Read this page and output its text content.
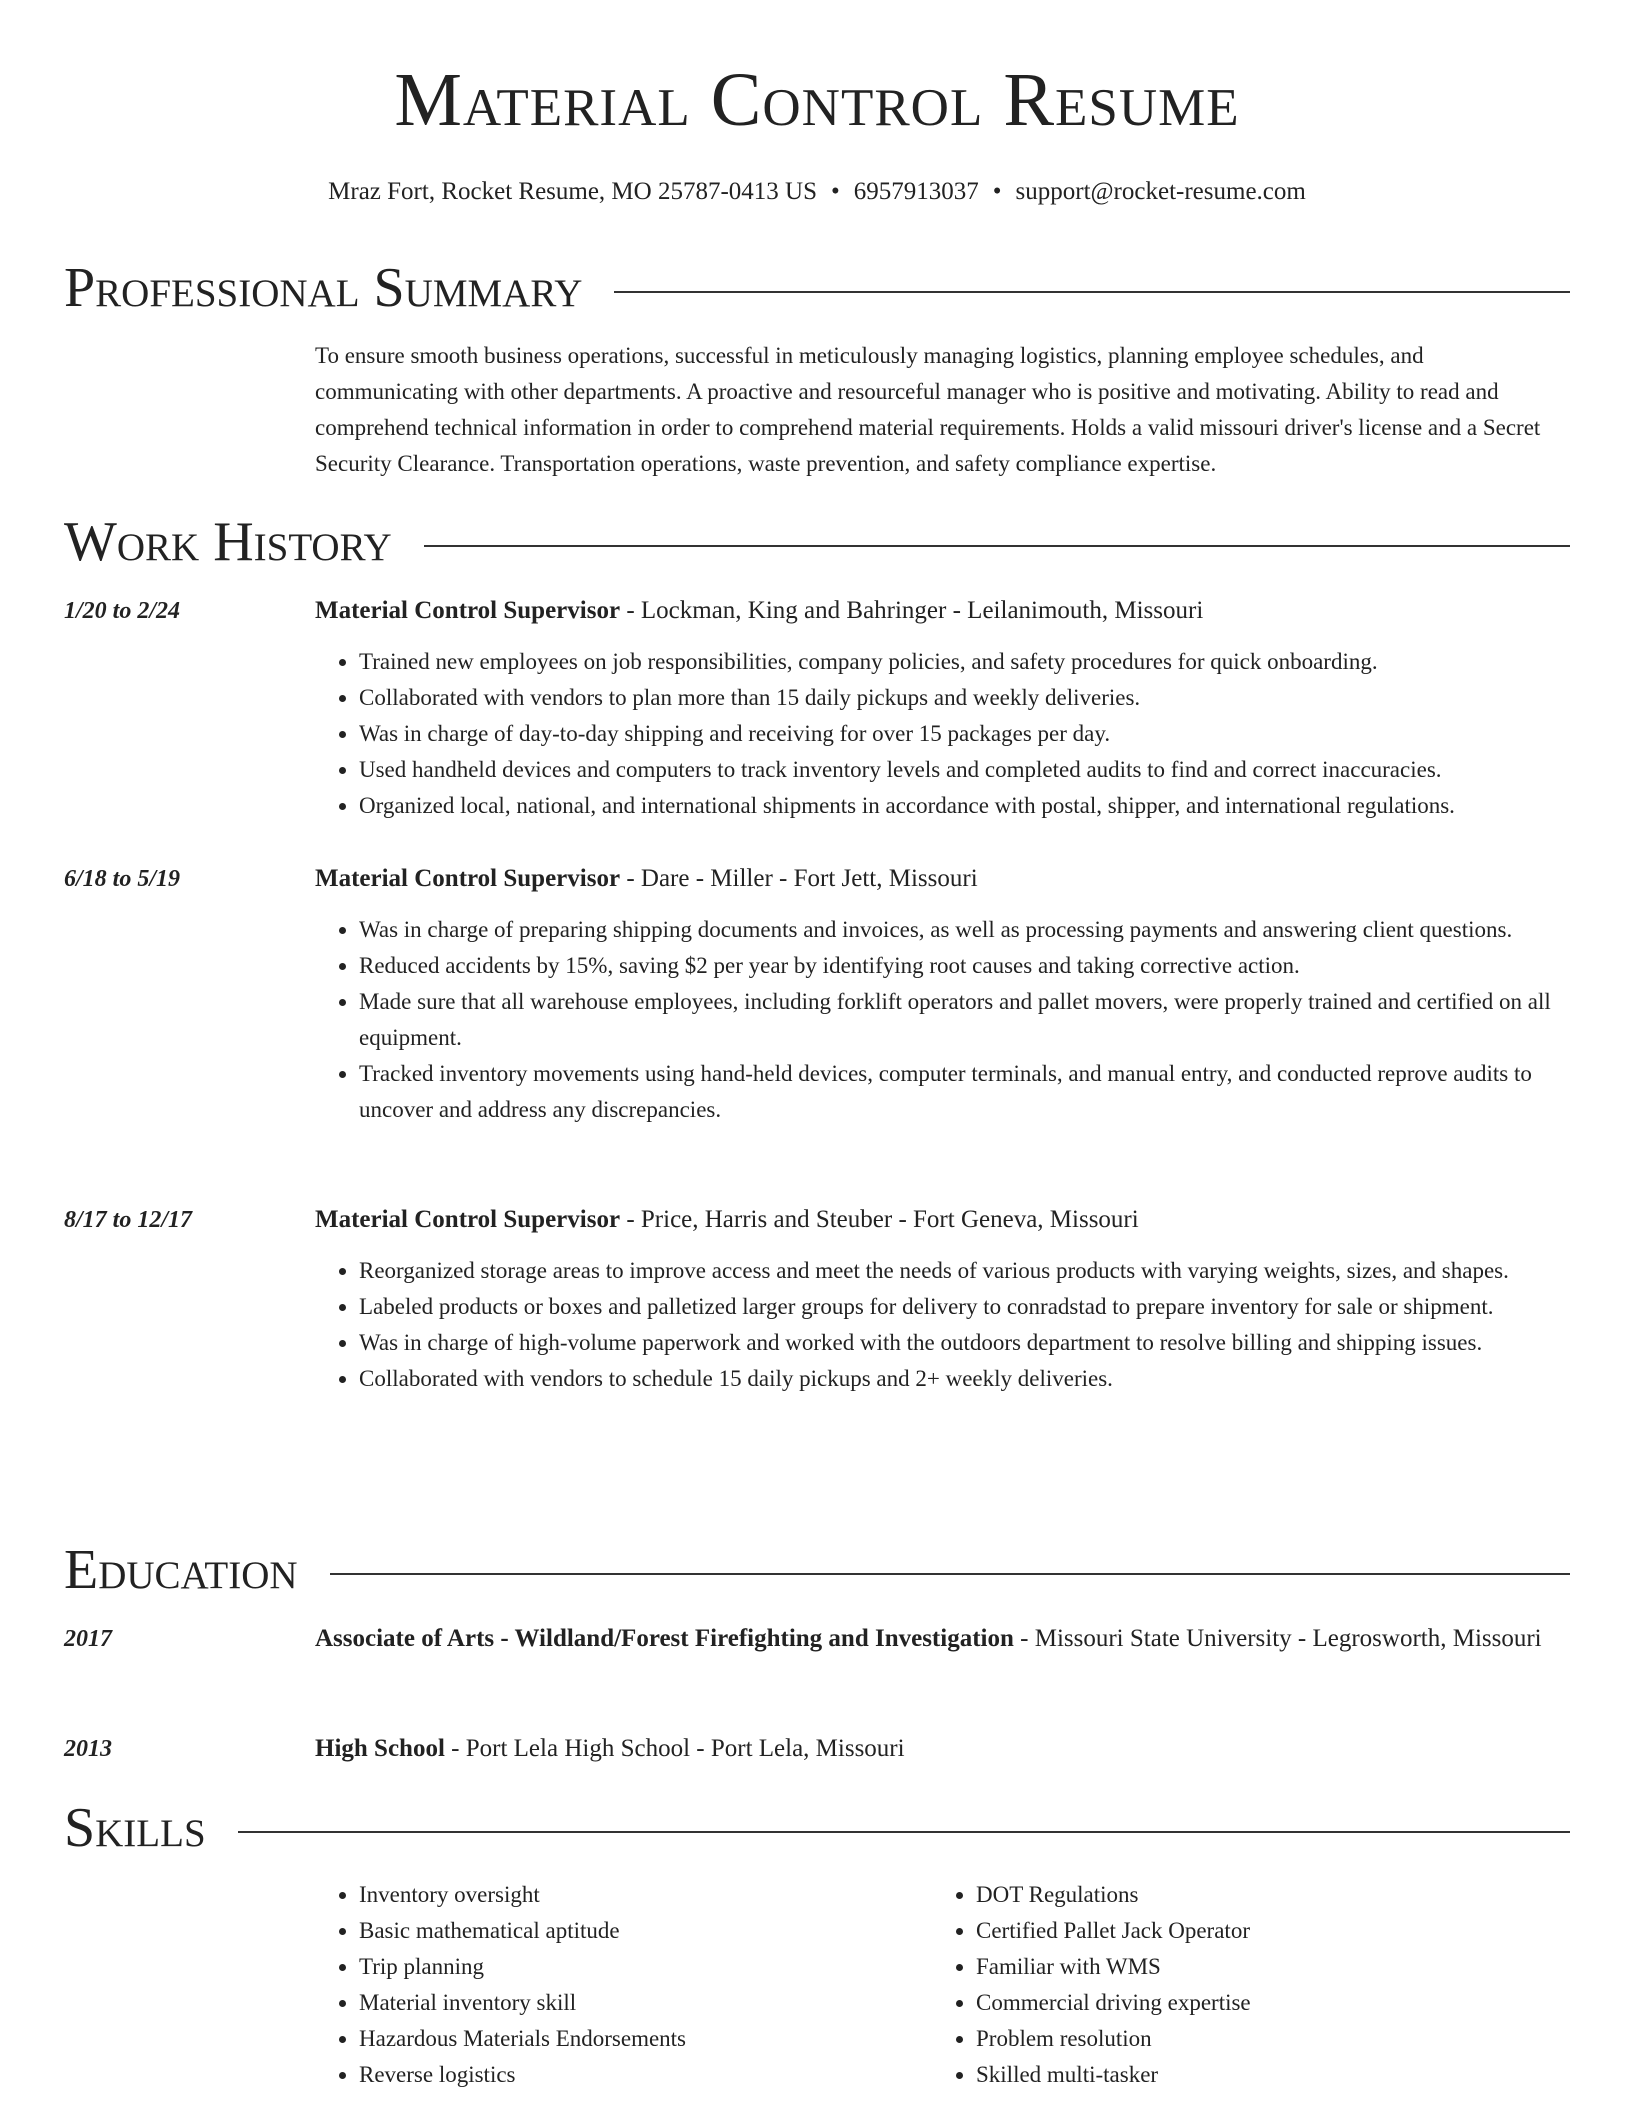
Material Control Resume
Mraz Fort, Rocket Resume, MO 25787-0413 US • 6957913037 • support@rocket-resume.com
Professional Summary

To ensure smooth business operations, successful in meticulously managing logistics, planning employee schedules, and communicating with other departments. A proactive and resourceful manager who is positive and motivating. Ability to read and comprehend technical information in order to comprehend material requirements. Holds a valid missouri driver's license and a Secret Security Clearance. Transportation operations, waste prevention, and safety compliance expertise.

Work History
1/20 to 2/24	Material Control Supervisor - Lockman, King and Bahringer - Leilanimouth, Missouri
• Trained new employees on job responsibilities, company policies, and safety procedures for quick onboarding.
• Collaborated with vendors to plan more than 15 daily pickups and weekly deliveries.
• Was in charge of day-to-day shipping and receiving for over 15 packages per day.
• Used handheld devices and computers to track inventory levels and completed audits to find and correct inaccuracies.
• Organized local, national, and international shipments in accordance with postal, shipper, and international regulations.
6/18 to 5/19	Material Control Supervisor - Dare - Miller - Fort Jett, Missouri
• Was in charge of preparing shipping documents and invoices, as well as processing payments and answering client questions.
• Reduced accidents by 15%, saving $2 per year by identifying root causes and taking corrective action.
• Made sure that all warehouse employees, including forklift operators and pallet movers, were properly trained and certified on all equipment.
• Tracked inventory movements using hand-held devices, computer terminals, and manual entry, and conducted reprove audits to uncover and address any discrepancies.
8/17 to 12/17	Material Control Supervisor - Price, Harris and Steuber - Fort Geneva, Missouri
• Reorganized storage areas to improve access and meet the needs of various products with varying weights, sizes, and shapes.
• Labeled products or boxes and palletized larger groups for delivery to conradstad to prepare inventory for sale or shipment.
• Was in charge of high-volume paperwork and worked with the outdoors department to resolve billing and shipping issues.
• Collaborated with vendors to schedule 15 daily pickups and 2+ weekly deliveries.
Education
2017	Associate of Arts - Wildland/Forest Firefighting and Investigation - Missouri State University - Legrosworth, Missouri
2013	High School - Port Lela High School - Port Lela, Missouri
Skills
• Inventory oversight
• Basic mathematical aptitude
• Trip planning
• Material inventory skill
• Hazardous Materials Endorsements
• Reverse logistics
• DOT Regulations
• Certified Pallet Jack Operator
• Familiar with WMS
• Commercial driving expertise
• Problem resolution
• Skilled multi-tasker
